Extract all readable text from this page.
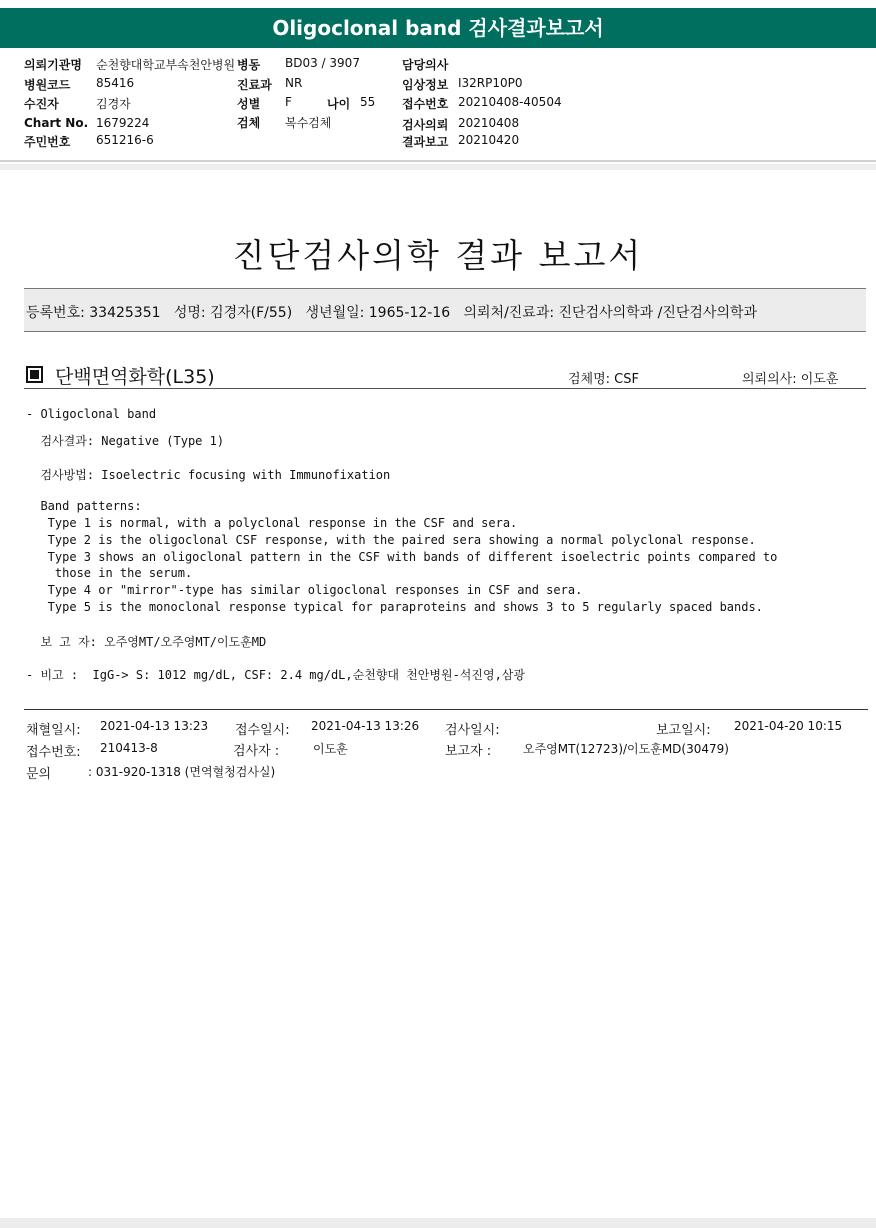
Oligoclonal band 검사결과보고서
의뢰기관명 순천향대학교부속천안병원
병원코드 85416
수진자	김경자
Chart No. 1679224
주민번호 651216-6
병동 BD03 / 3907
진료과 NR
성별 F	나이 55
검체 복수검체
담당의사
임상정보 I32RP10P0
접수번호 20210408-40504
검사의뢰 20210408
결과보고 20210420
진단검사의학 결과 보고서
등록번호: 33425351   성명: 김경자(F/55)   생년월일: 1965-12-16   의뢰처/진료과: 진단검사의학과 /진단검사의학과
단백면역화학(L35)	검체명: CSF	의뢰의사: 이도훈
- Oligoclonal band
검사결과: Negative (Type 1)
검사방법: Isoelectric focusing with Immunofixation
Band patterns:
Type 1 is normal, with a polyclonal response in the CSF and sera.
Type 2 is the oligoclonal CSF response, with the paired sera showing a normal polyclonal response.
Type 3 shows an oligoclonal pattern in the CSF with bands of different isoelectric points compared to
those in the serum.
Type 4 or "mirror"-type has similar oligoclonal responses in CSF and sera.
Type 5 is the monoclonal response typical for paraproteins and shows 3 to 5 regularly spaced bands.
보 고 자: 오주영MT/오주영MT/이도훈MD
- 비고 :  IgG-> S: 1012 mg/dL, CSF: 2.4 mg/dL,순천향대 천안병원-석진영,삼광
채혈일시: 2021-04-13 13:23 접수일시: 2021-04-13 13:26 검사일시:	보고일시: 2021-04-20 10:15
접수번호: 210413-8	검사자 :	이도훈	보고자 :	오주영MT(12723)/이도훈MD(30479)
문의	: 031-920-1318 (면역혈청검사실)
